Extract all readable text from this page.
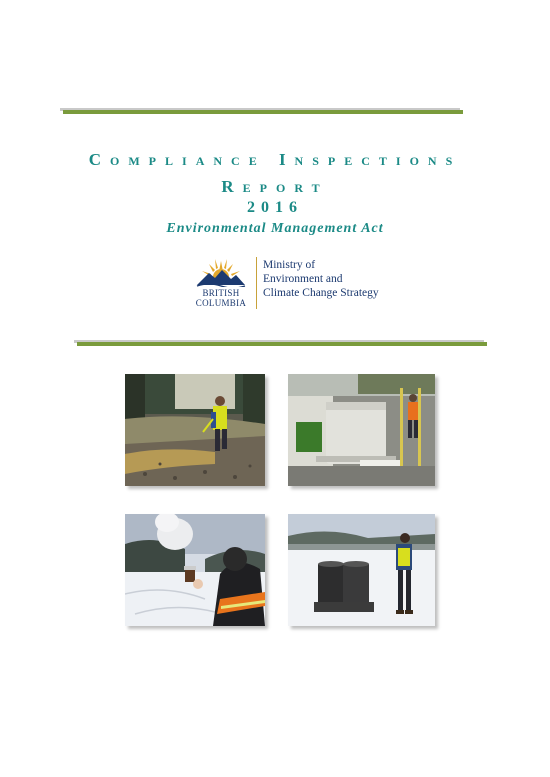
Compliance Inspections
Report
2016
Environmental Management Act
BRITISH
COLUMBIA
Ministry of
Environment and
Climate Change Strategy
